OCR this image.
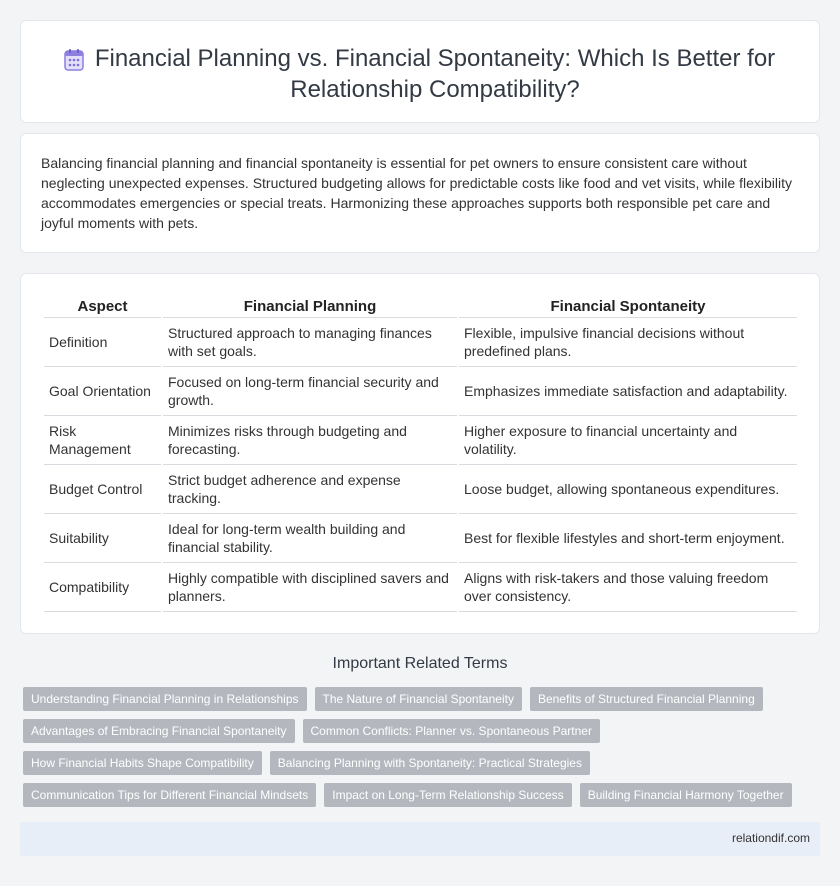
Financial Planning vs. Financial Spontaneity: Which Is Better for Relationship Compatibility?

Balancing financial planning and financial spontaneity is essential for pet owners to ensure consistent care without neglecting unexpected expenses. Structured budgeting allows for predictable costs like food and vet visits, while flexibility accommodates emergencies or special treats. Harmonizing these approaches supports both responsible pet care and joyful moments with pets.

Aspect	Financial Planning	Financial Spontaneity
Definition	Structured approach to managing finances with set goals.	Flexible, impulsive financial decisions without predefined plans.
Goal Orientation	Focused on long-term financial security and growth.	Emphasizes immediate satisfaction and adaptability.
Risk Management	Minimizes risks through budgeting and forecasting.	Higher exposure to financial uncertainty and volatility.
Budget Control	Strict budget adherence and expense tracking.	Loose budget, allowing spontaneous expenditures.
Suitability	Ideal for long-term wealth building and financial stability.	Best for flexible lifestyles and short-term enjoyment.
Compatibility	Highly compatible with disciplined savers and planners.	Aligns with risk-takers and those valuing freedom over consistency.
Important Related Terms
Understanding Financial Planning in Relationships	The Nature of Financial Spontaneity	Benefits of Structured Financial Planning
Advantages of Embracing Financial Spontaneity	Common Conflicts: Planner vs. Spontaneous Partner
How Financial Habits Shape Compatibility	Balancing Planning with Spontaneity: Practical Strategies
Communication Tips for Different Financial Mindsets	Impact on Long-Term Relationship Success	Building Financial Harmony Together
relationdif.com
